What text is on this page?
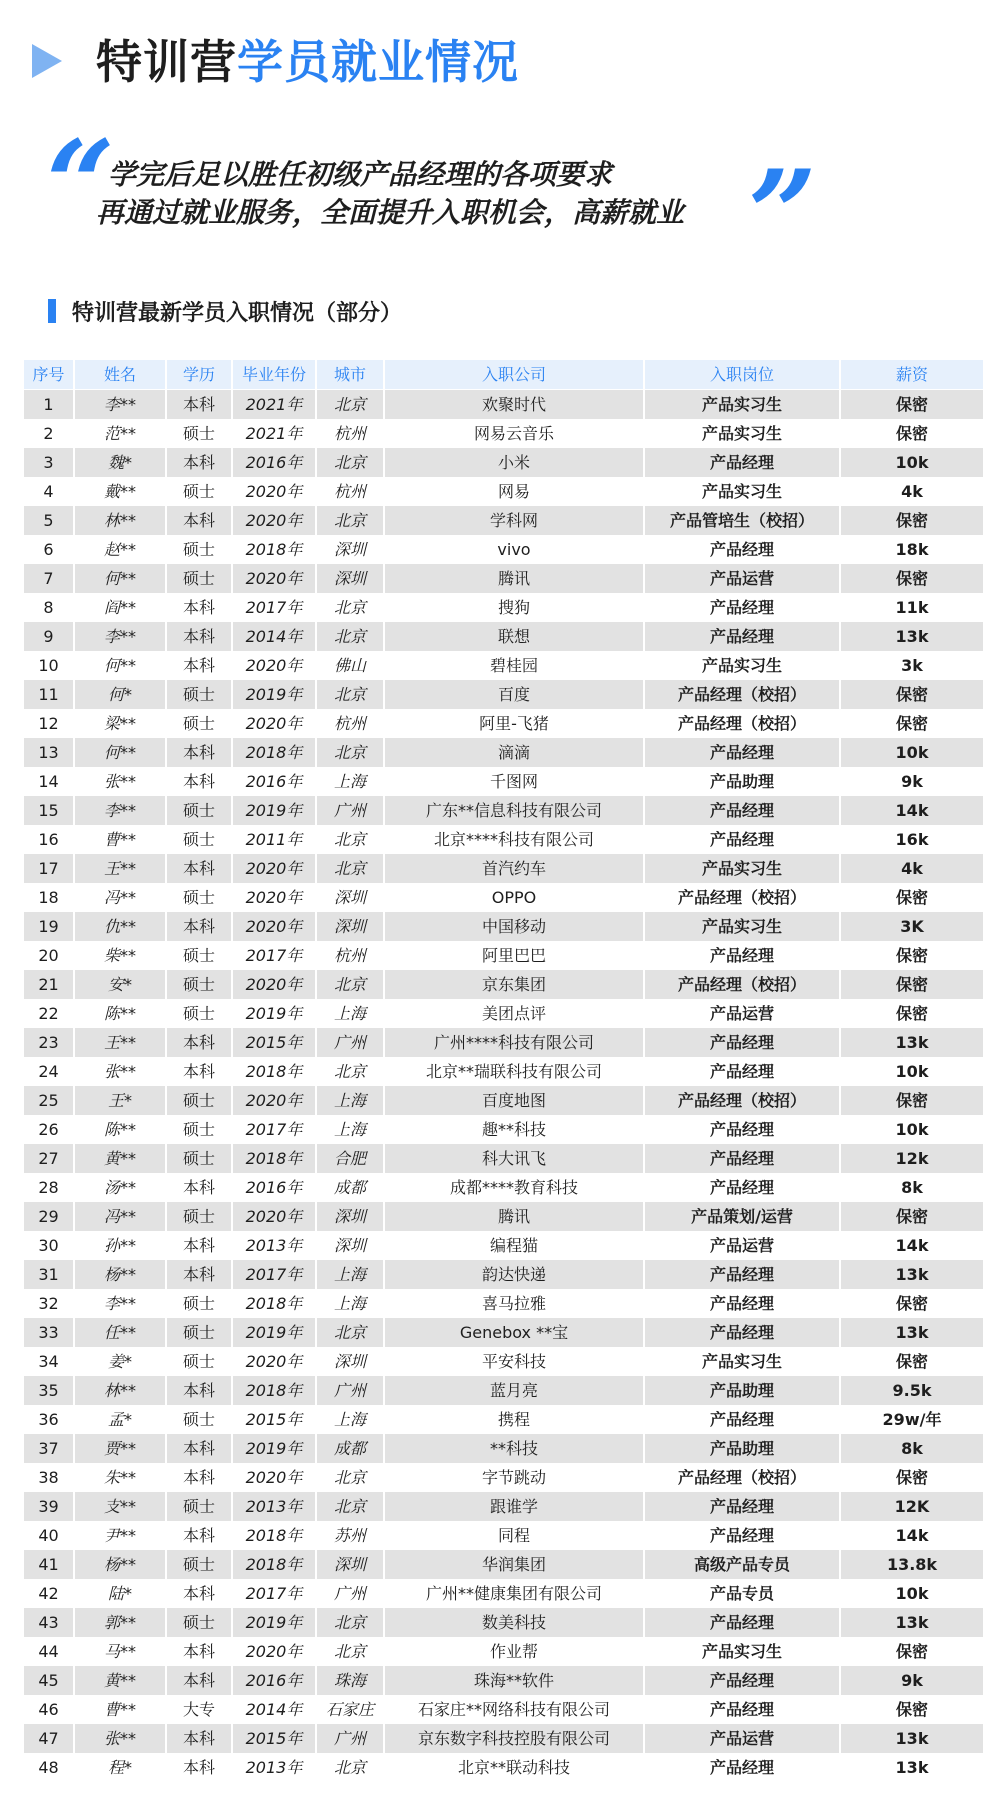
特训营学员就业情况
“
学完后足以胜任初级产品经理的各项要求
再通过就业服务，全面提升入职机会，高薪就业 ”
特训营最新学员入职情况（部分）
序号	姓名	学历	毕业年份	城市	入职公司	入职岗位	薪资
1	李**	本科	2021年	北京	欢聚时代	产品实习生	保密
2	范**	硕士	2021年	杭州	网易云音乐	产品实习生	保密
3	魏*	本科	2016年	北京	小米	产品经理	10k
4	戴**	硕士	2020年	杭州	网易	产品实习生	4k
5	林**	本科	2020年	北京	学科网	产品管培生（校招）	保密
6	赵**	硕士	2018年	深圳	vivo	产品经理	18k
7	何**	硕士	2020年	深圳	腾讯	产品运营	保密
8	阎**	本科	2017年	北京	搜狗	产品经理	11k
9	李**	本科	2014年	北京	联想	产品经理	13k
10	何**	本科	2020年	佛山	碧桂园	产品实习生	3k
11	何*	硕士	2019年	北京	百度	产品经理（校招）	保密
12	梁**	硕士	2020年	杭州	阿里-飞猪	产品经理（校招）	保密
13	何**	本科	2018年	北京	滴滴	产品经理	10k
14	张**	本科	2016年	上海	千图网	产品助理	9k
15	李**	硕士	2019年	广州	广东**信息科技有限公司	产品经理	14k
16	曹**	硕士	2011年	北京	北京****科技有限公司	产品经理	16k
17	王**	本科	2020年	北京	首汽约车	产品实习生	4k
18	冯**	硕士	2020年	深圳	OPPO	产品经理（校招）	保密
19	仇**	本科	2020年	深圳	中国移动	产品实习生	3K
20	柴**	硕士	2017年	杭州	阿里巴巴	产品经理	保密
21	安*	硕士	2020年	北京	京东集团	产品经理（校招）	保密
22	陈**	硕士	2019年	上海	美团点评	产品运营	保密
23	王**	本科	2015年	广州	广州****科技有限公司	产品经理	13k
24	张**	本科	2018年	北京	北京**瑞联科技有限公司	产品经理	10k
25	王*	硕士	2020年	上海	百度地图	产品经理（校招）	保密
26	陈**	硕士	2017年	上海	趣**科技	产品经理	10k
27	黄**	硕士	2018年	合肥	科大讯飞	产品经理	12k
28	汤**	本科	2016年	成都	成都****教育科技	产品经理	8k
29	冯**	硕士	2020年	深圳	腾讯	产品策划/运营	保密
30	孙**	本科	2013年	深圳	编程猫	产品运营	14k
31	杨**	本科	2017年	上海	韵达快递	产品经理	13k
32	李**	硕士	2018年	上海	喜马拉雅	产品经理	保密
33	任**	硕士	2019年	北京	Genebox **宝	产品经理	13k
34	姜*	硕士	2020年	深圳	平安科技	产品实习生	保密
35	林**	本科	2018年	广州	蓝月亮	产品助理	9.5k
36	孟*	硕士	2015年	上海	携程	产品经理	29w/年
37	贾**	本科	2019年	成都	**科技	产品助理	8k
38	朱**	本科	2020年	北京	字节跳动	产品经理（校招）	保密
39	支**	硕士	2013年	北京	跟谁学	产品经理	12K
40	尹**	本科	2018年	苏州	同程	产品经理	14k
41	杨**	硕士	2018年	深圳	华润集团	高级产品专员	13.8k
42	陆*	本科	2017年	广州	广州**健康集团有限公司	产品专员	10k
43	郭**	硕士	2019年	北京	数美科技	产品经理	13k
44	马**	本科	2020年	北京	作业帮	产品实习生	保密
45	黄**	本科	2016年	珠海	珠海**软件	产品经理	9k
46	曹**	大专	2014年	石家庄	石家庄**网络科技有限公司	产品经理	保密
47	张**	本科	2015年	广州	京东数字科技控股有限公司	产品运营	13k
48	程*	本科	2013年	北京	北京**联动科技	产品经理	13k
